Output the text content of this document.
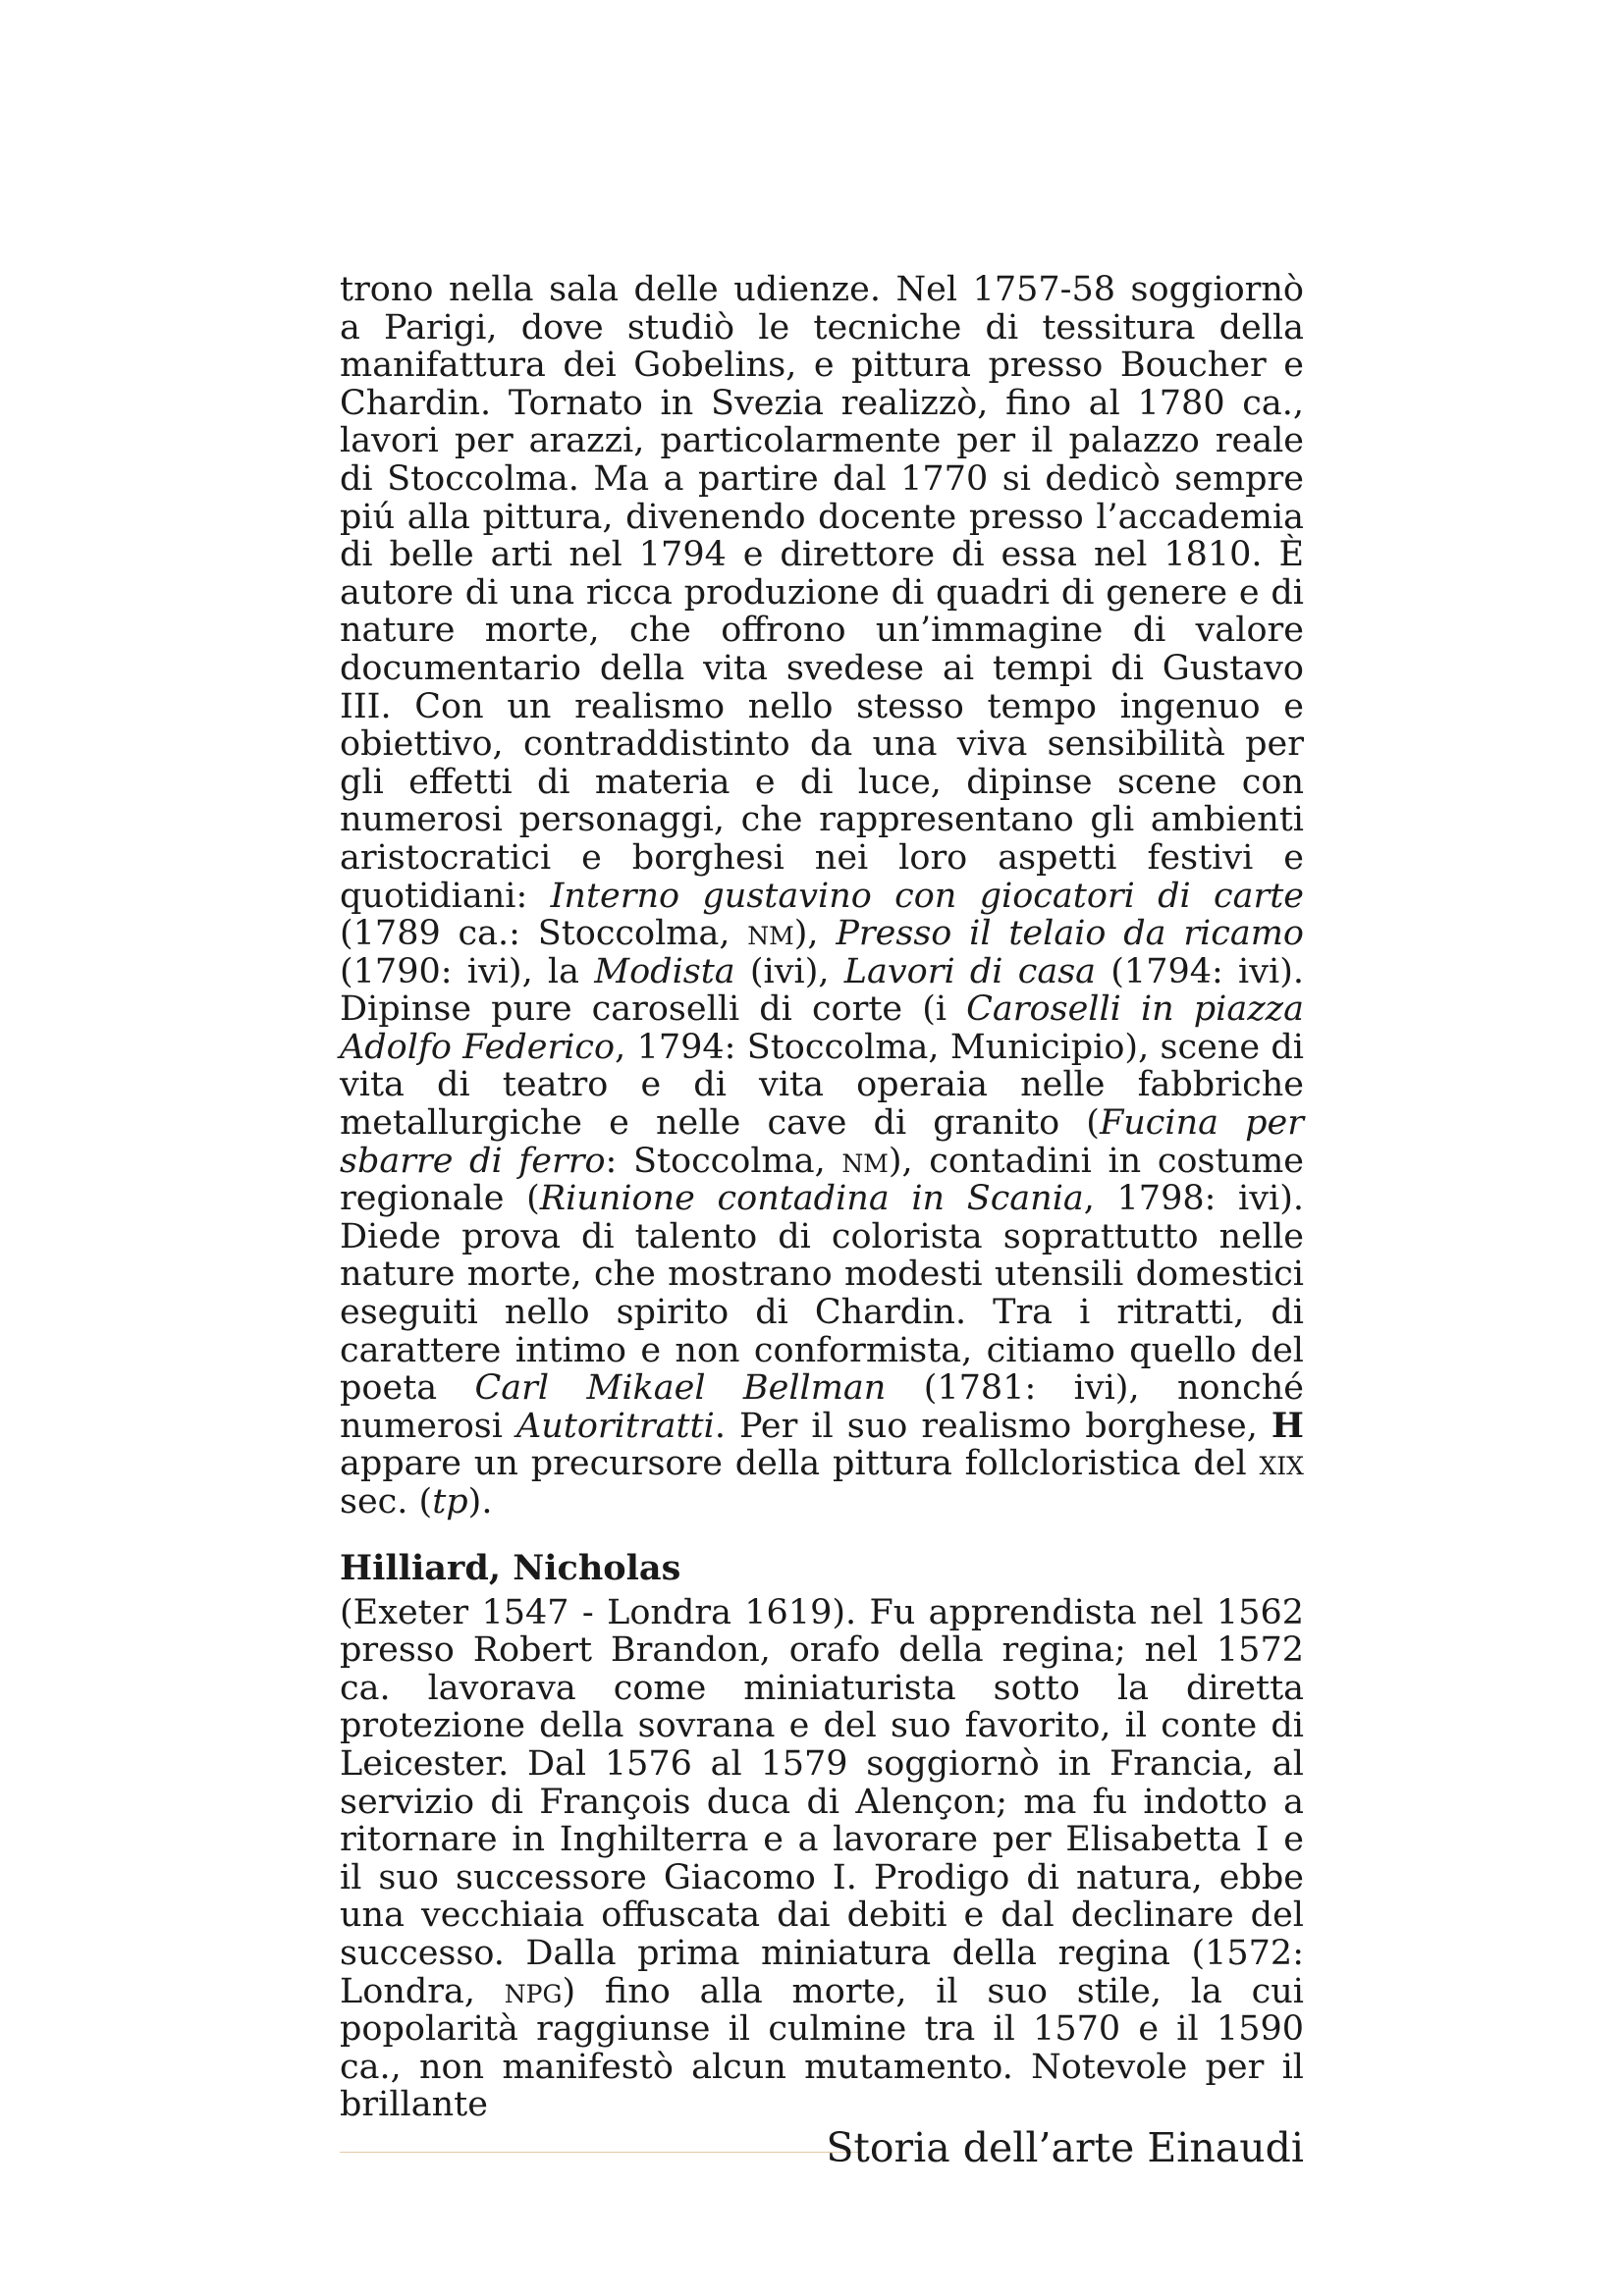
trono nella sala delle udienze. Nel 1757-58 soggiornò a Parigi, dove studiò le tecniche di tessitura della manifattura dei Gobelins, e pittura presso Boucher e Chardin. Tornato in Svezia realizzò, fino al 1780 ca., lavori per arazzi, particolarmente per il palazzo reale di Stoccolma. Ma a partire dal 1770 si dedicò sempre piú alla pittura, divenendo docente presso l’accademia di belle arti nel 1794 e direttore di essa nel 1810. È autore di una ricca produzione di quadri di genere e di nature morte, che offrono un’immagine di valore documentario della vita svedese ai tempi di Gustavo III. Con un realismo nello stesso tempo ingenuo e obiettivo, contraddistinto da una viva sensibilità per gli effetti di materia e di luce, dipinse scene con numerosi personaggi, che rappresentano gli ambienti aristocratici e borghesi nei loro aspetti festivi e quotidiani: Interno gustavino con giocatori di carte (1789 ca.: Stoccolma, nm), Presso il telaio da ricamo (1790: ivi), la Modista (ivi), Lavori di casa (1794: ivi). Dipinse pure caroselli di corte (i Caroselli in piazza Adolfo Federico, 1794: Stoccolma, Municipio), scene di vita di teatro e di vita operaia nelle fabbriche metallurgiche e nelle cave di granito (Fucina per sbarre di ferro: Stoccolma, nm), contadini in costume regionale (Riunione contadina in Scania, 1798: ivi). Diede prova di talento di colorista soprattutto nelle nature morte, che mostrano modesti utensili domestici eseguiti nello spirito di Chardin. Tra i ritratti, di carattere intimo e non conformista, citiamo quello del poeta Carl Mikael Bellman (1781: ivi), nonché numerosi Autoritratti. Per il suo realismo borghese, H appare un precursore della pittura follcloristica del xix sec. (tp).

Hilliard, Nicholas

(Exeter 1547 - Londra 1619). Fu apprendista nel 1562 presso Robert Brandon, orafo della regina; nel 1572 ca. lavorava come miniaturista sotto la diretta protezione della sovrana e del suo favorito, il conte di Leicester. Dal 1576 al 1579 soggiornò in Francia, al servizio di François duca di Alençon; ma fu indotto a ritornare in Inghilterra e a lavorare per Elisabetta I e il suo successore Giacomo I. Prodigo di natura, ebbe una vecchiaia offuscata dai debiti e dal declinare del successo. Dalla prima miniatura della regina (1572: Londra, npg) fino alla morte, il suo stile, la cui popolarità raggiunse il culmine tra il 1570 e il 1590 ca., non manifestò alcun mutamento. Notevole per il brillante

Storia dell’arte Einaudi
